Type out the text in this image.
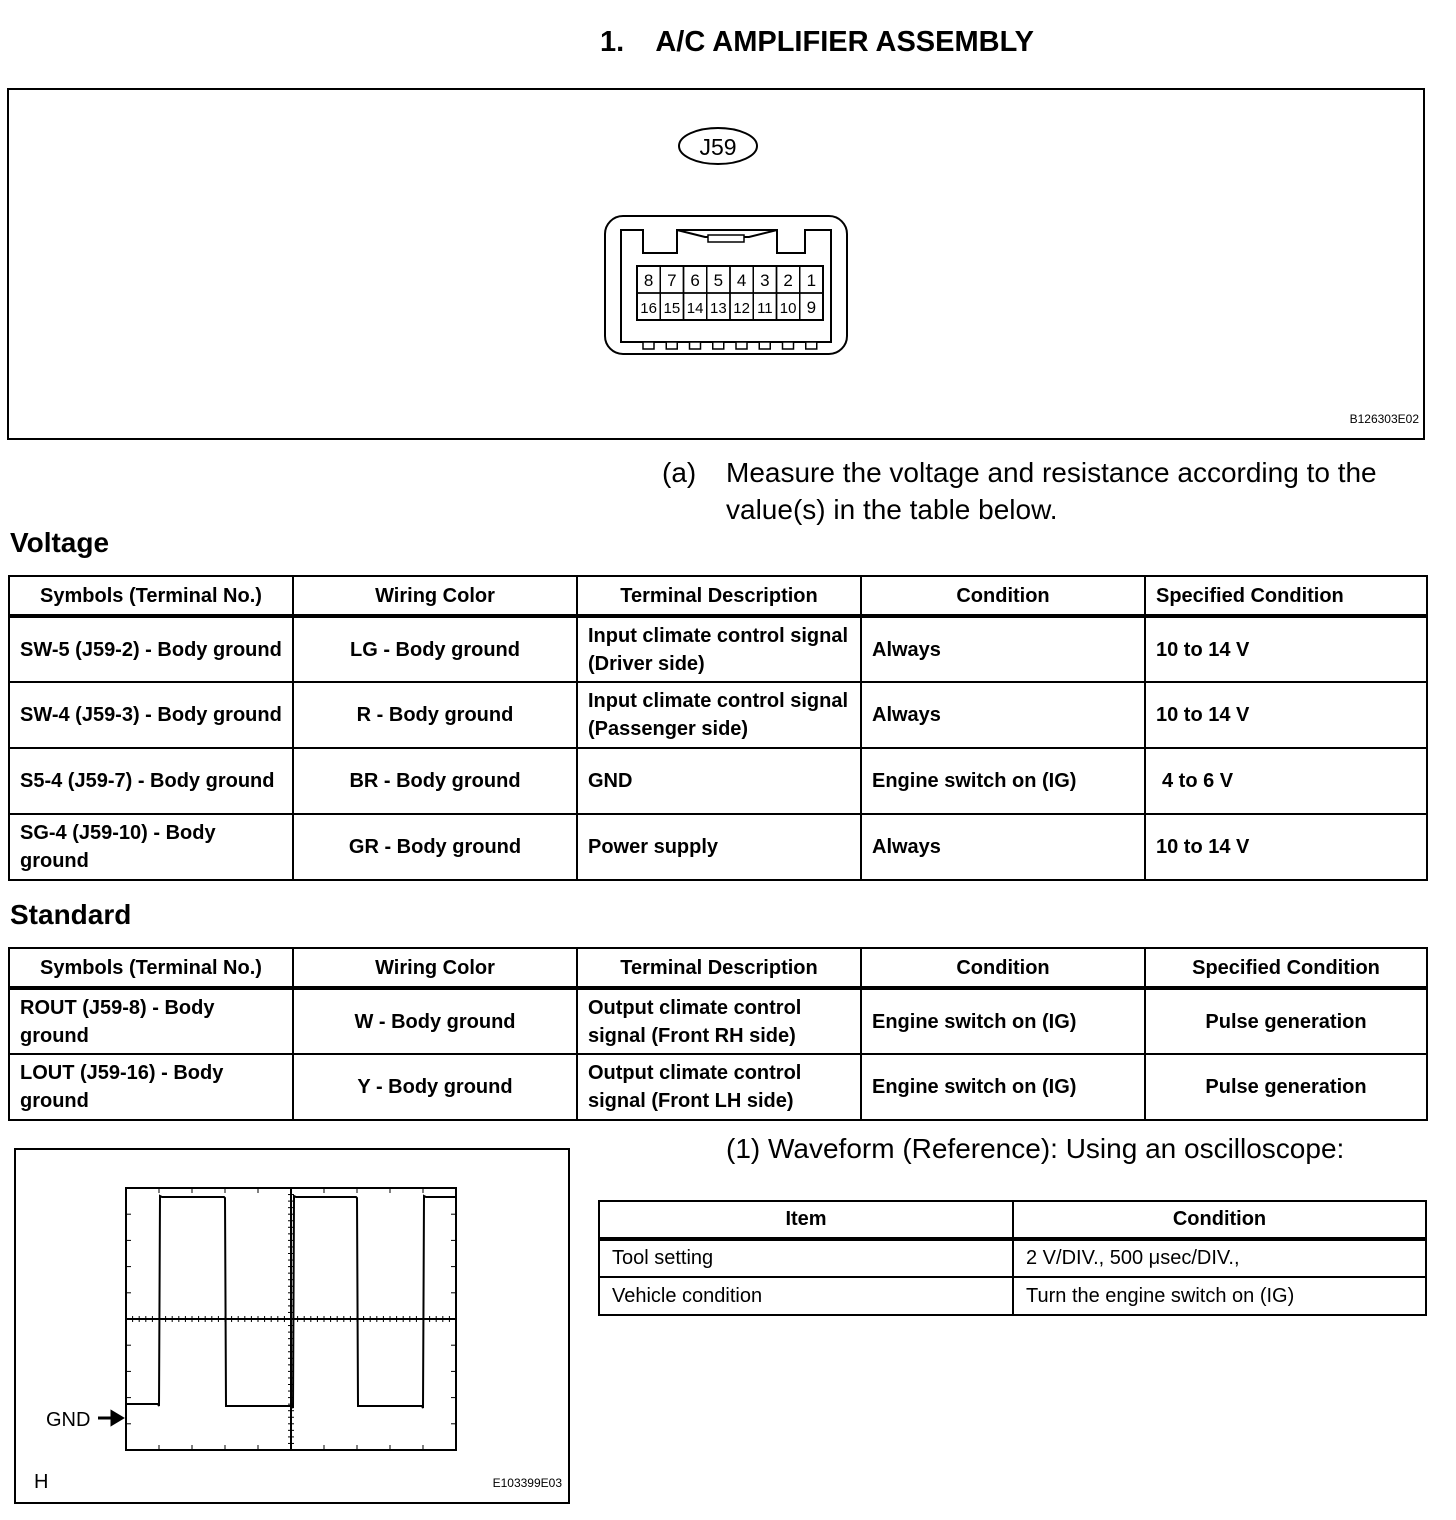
1. A/C AMPLIFIER ASSEMBLY
J59
8 7 6 5 4 3 2 1
16 15 14 13 12 11 10 9
B126303E02
(a) Measure the voltage and resistance according to the value(s) in the table below.
Voltage
Symbols (Terminal No.)	Wiring Color	Terminal Description	Condition	Specified Condition
SW-5 (J59-2) - Body ground	LG - Body ground	Input climate control signal (Driver side)	Always	10 to 14 V
SW-4 (J59-3) - Body ground	R - Body ground	Input climate control signal (Passenger side)	Always	10 to 14 V
S5-4 (J59-7) - Body ground	BR - Body ground	GND	Engine switch on (IG)	4 to 6 V
SG-4 (J59-10) - Body ground	GR - Body ground	Power supply	Always	10 to 14 V
Standard
Symbols (Terminal No.)	Wiring Color	Terminal Description	Condition	Specified Condition
ROUT (J59-8) - Body ground	W - Body ground	Output climate control signal (Front RH side)	Engine switch on (IG)	Pulse generation
LOUT (J59-16) - Body ground	Y - Body ground	Output climate control signal (Front LH side)	Engine switch on (IG)	Pulse generation
GND
H	E103399E03
(1) Waveform (Reference): Using an oscilloscope:
Item	Condition
Tool setting	2 V/DIV., 500 μsec/DIV.,
Vehicle condition	Turn the engine switch on (IG)
